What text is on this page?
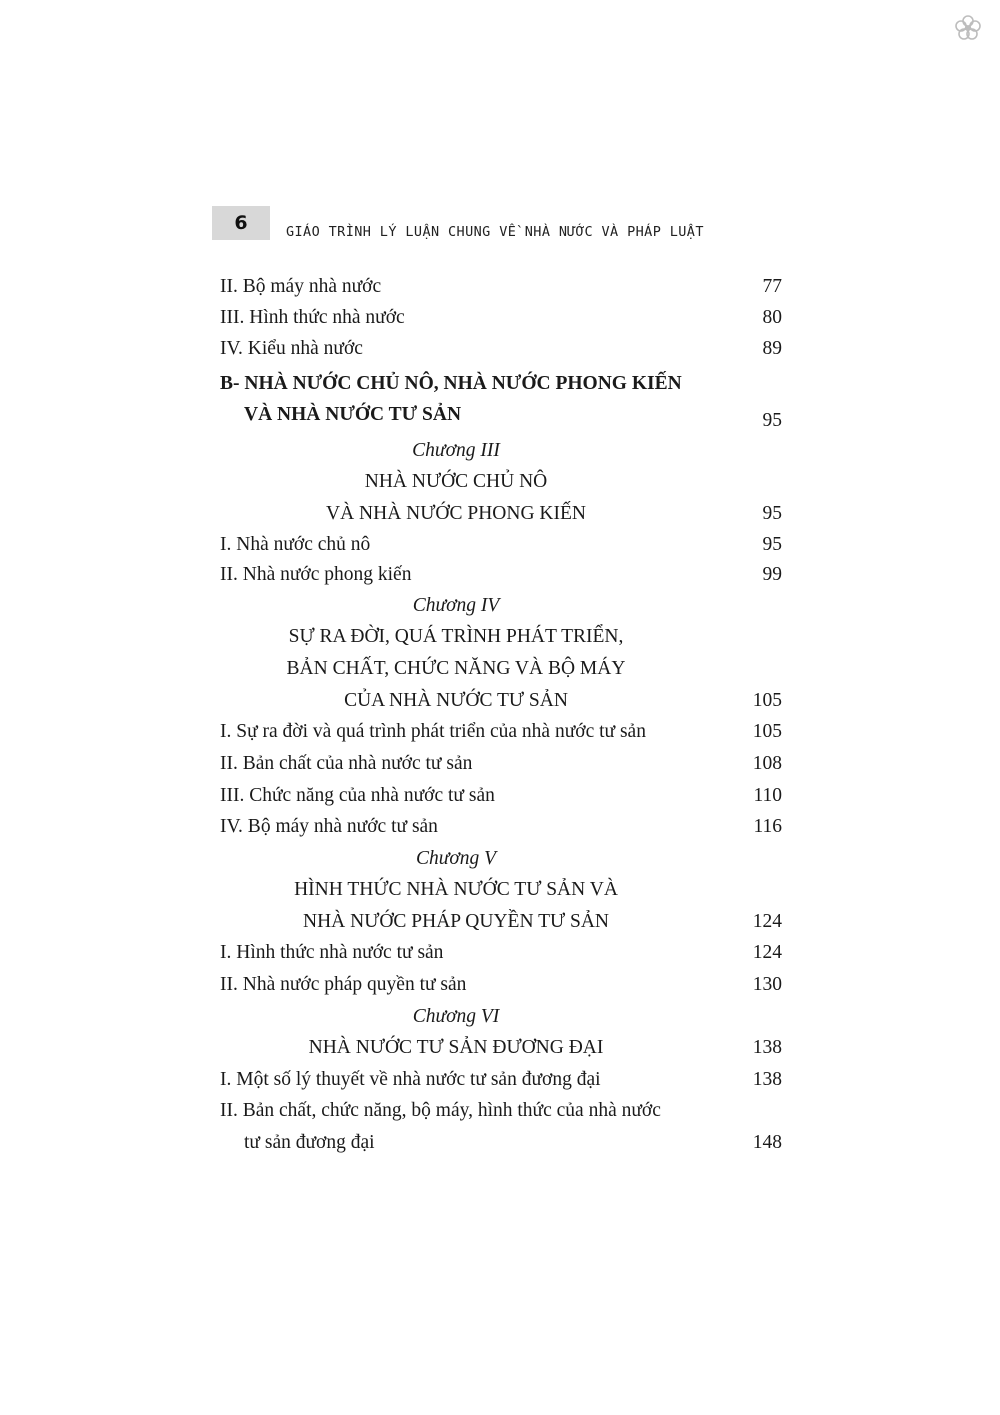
6	GIÁO TRÌNH LÝ LUẬN CHUNG VỀ NHÀ NƯỚC VÀ PHÁP LUẬT
II. Bộ máy nhà nước	77
III. Hình thức nhà nước	80
IV. Kiểu nhà nước	89
B- NHÀ NƯỚC CHỦ NÔ, NHÀ NƯỚC PHONG KIẾN
VÀ NHÀ NƯỚC TƯ SẢN	95
Chương III
NHÀ NƯỚC CHỦ NÔ
VÀ NHÀ NƯỚC PHONG KIẾN	95
I. Nhà nước chủ nô	95
II. Nhà nước phong kiến	99
Chương IV
SỰ RA ĐỜI, QUÁ TRÌNH PHÁT TRIỂN,
BẢN CHẤT, CHỨC NĂNG VÀ BỘ MÁY
CỦA NHÀ NƯỚC TƯ SẢN	105
I. Sự ra đời và quá trình phát triển của nhà nước tư sản	105
II. Bản chất của nhà nước tư sản	108
III. Chức năng của nhà nước tư sản	110
IV. Bộ máy nhà nước tư sản	116
Chương V
HÌNH THỨC NHÀ NƯỚC TƯ SẢN VÀ
NHÀ NƯỚC PHÁP QUYỀN TƯ SẢN	124
I. Hình thức nhà nước tư sản	124
II. Nhà nước pháp quyền tư sản	130
Chương VI
NHÀ NƯỚC TƯ SẢN ĐƯƠNG ĐẠI	138
I. Một số lý thuyết về nhà nước tư sản đương đại	138
II. Bản chất, chức năng, bộ máy, hình thức của nhà nước
tư sản đương đại	148
